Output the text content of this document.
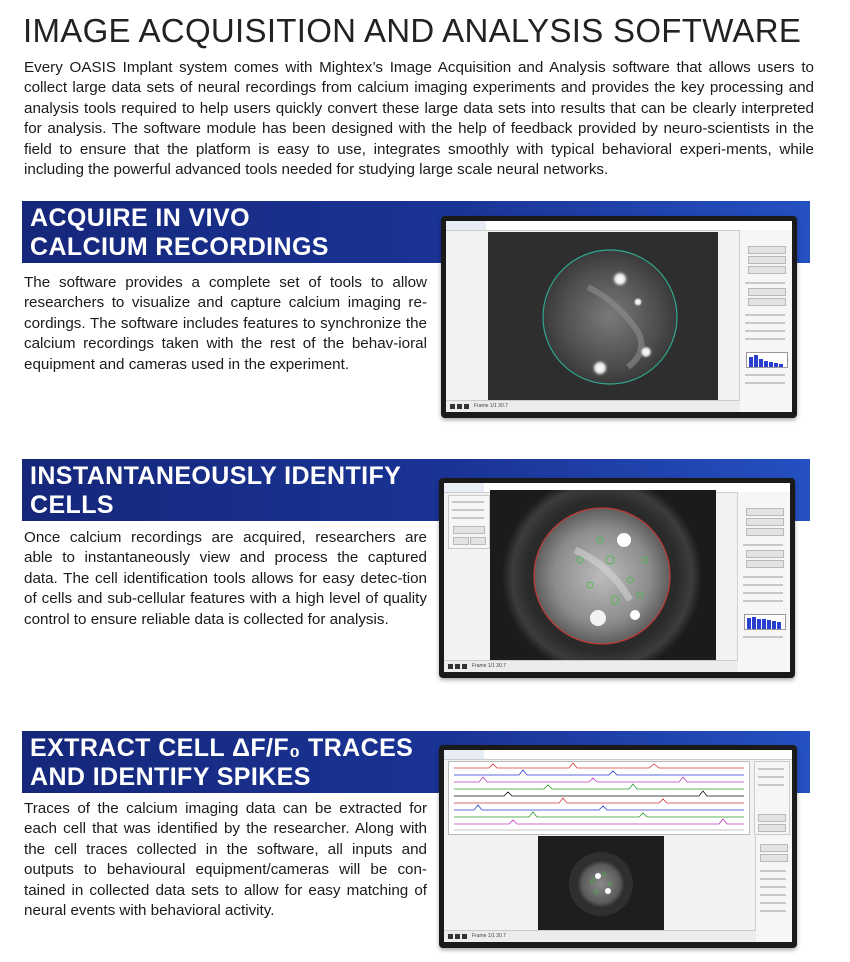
IMAGE ACQUISITION AND ANALYSIS SOFTWARE
Every OASIS Implant system comes with Mightex’s Image Acquisition and Analysis software that allows users to collect large data sets of neural recordings from calcium imaging experiments and provides the key processing and analysis tools required to help users quickly convert these large data sets into results that can be clearly interpreted for analysis. The software module has been designed with the help of feedback provided by neuro-scientists in the field to ensure that the platform is easy to use, integrates smoothly with typical behavioral experi-ments, while including the powerful advanced tools needed for studying large scale neural networks.
ACQUIRE IN VIVO
CALCIUM RECORDINGS
The software provides a complete set of tools to allow researchers to visualize and capture calcium imaging re-cordings. The software includes features to synchronize the calcium recordings taken with the rest of the behav-ioral equipment and cameras used in the experiment.
Frame 1/1 30.7
INSTANTANEOUSLY IDENTIFY
CELLS
Once calcium recordings are acquired, researchers are able to instantaneously view and process the captured data. The cell identification tools allows for easy detec-tion of cells and sub-cellular features with a high level of quality control to ensure reliable data is collected for analysis.
Frame 1/1 30.7
EXTRACT CELL ΔF/F₀ TRACES
AND IDENTIFY SPIKES
Traces of the calcium imaging data can be extracted for each cell that was identified by the researcher. Along with the cell traces collected in the software, all inputs and outputs to behavioural equipment/cameras will be con-tained in collected data sets to allow for easy matching of neural events with behavioral activity.
Frame 1/1 30.7
